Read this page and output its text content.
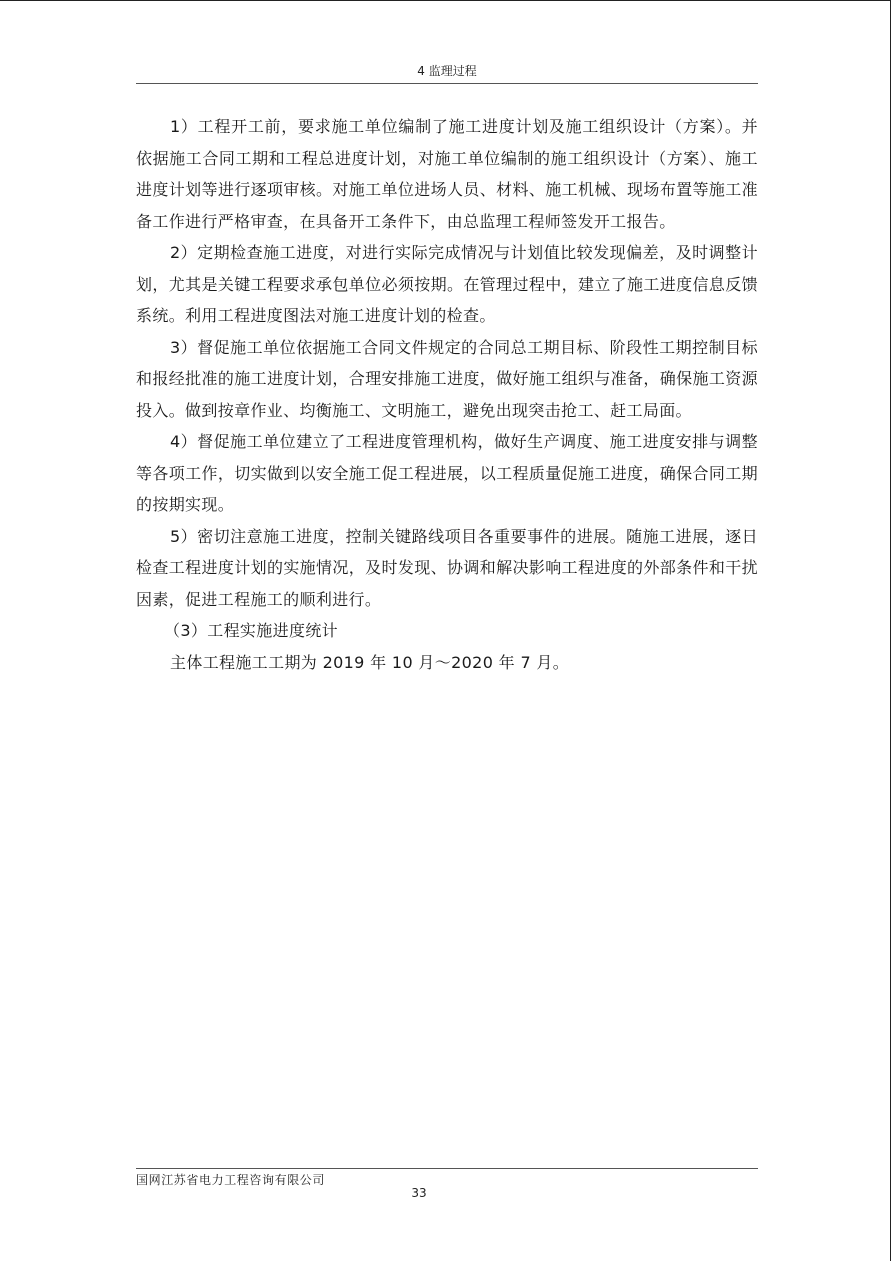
4 监理过程

1）工程开工前，要求施工单位编制了施工进度计划及施工组织设计（方案）。并依据施工合同工期和工程总进度计划，对施工单位编制的施工组织设计（方案）、施工进度计划等进行逐项审核。对施工单位进场人员、材料、施工机械、现场布置等施工准备工作进行严格审查，在具备开工条件下，由总监理工程师签发开工报告。

2）定期检查施工进度，对进行实际完成情况与计划值比较发现偏差，及时调整计划，尤其是关键工程要求承包单位必须按期。在管理过程中，建立了施工进度信息反馈系统。利用工程进度图法对施工进度计划的检查。

3）督促施工单位依据施工合同文件规定的合同总工期目标、阶段性工期控制目标和报经批准的施工进度计划，合理安排施工进度，做好施工组织与准备，确保施工资源投入。做到按章作业、均衡施工、文明施工，避免出现突击抢工、赶工局面。

4）督促施工单位建立了工程进度管理机构，做好生产调度、施工进度安排与调整等各项工作，切实做到以安全施工促工程进展，以工程质量促施工进度，确保合同工期的按期实现。

5）密切注意施工进度，控制关键路线项目各重要事件的进展。随施工进展，逐日检查工程进度计划的实施情况，及时发现、协调和解决影响工程进度的外部条件和干扰因素，促进工程施工的顺利进行。

（3）工程实施进度统计

主体工程施工工期为 2019 年 10 月～2020 年 7 月。

国网江苏省电力工程咨询有限公司
33
